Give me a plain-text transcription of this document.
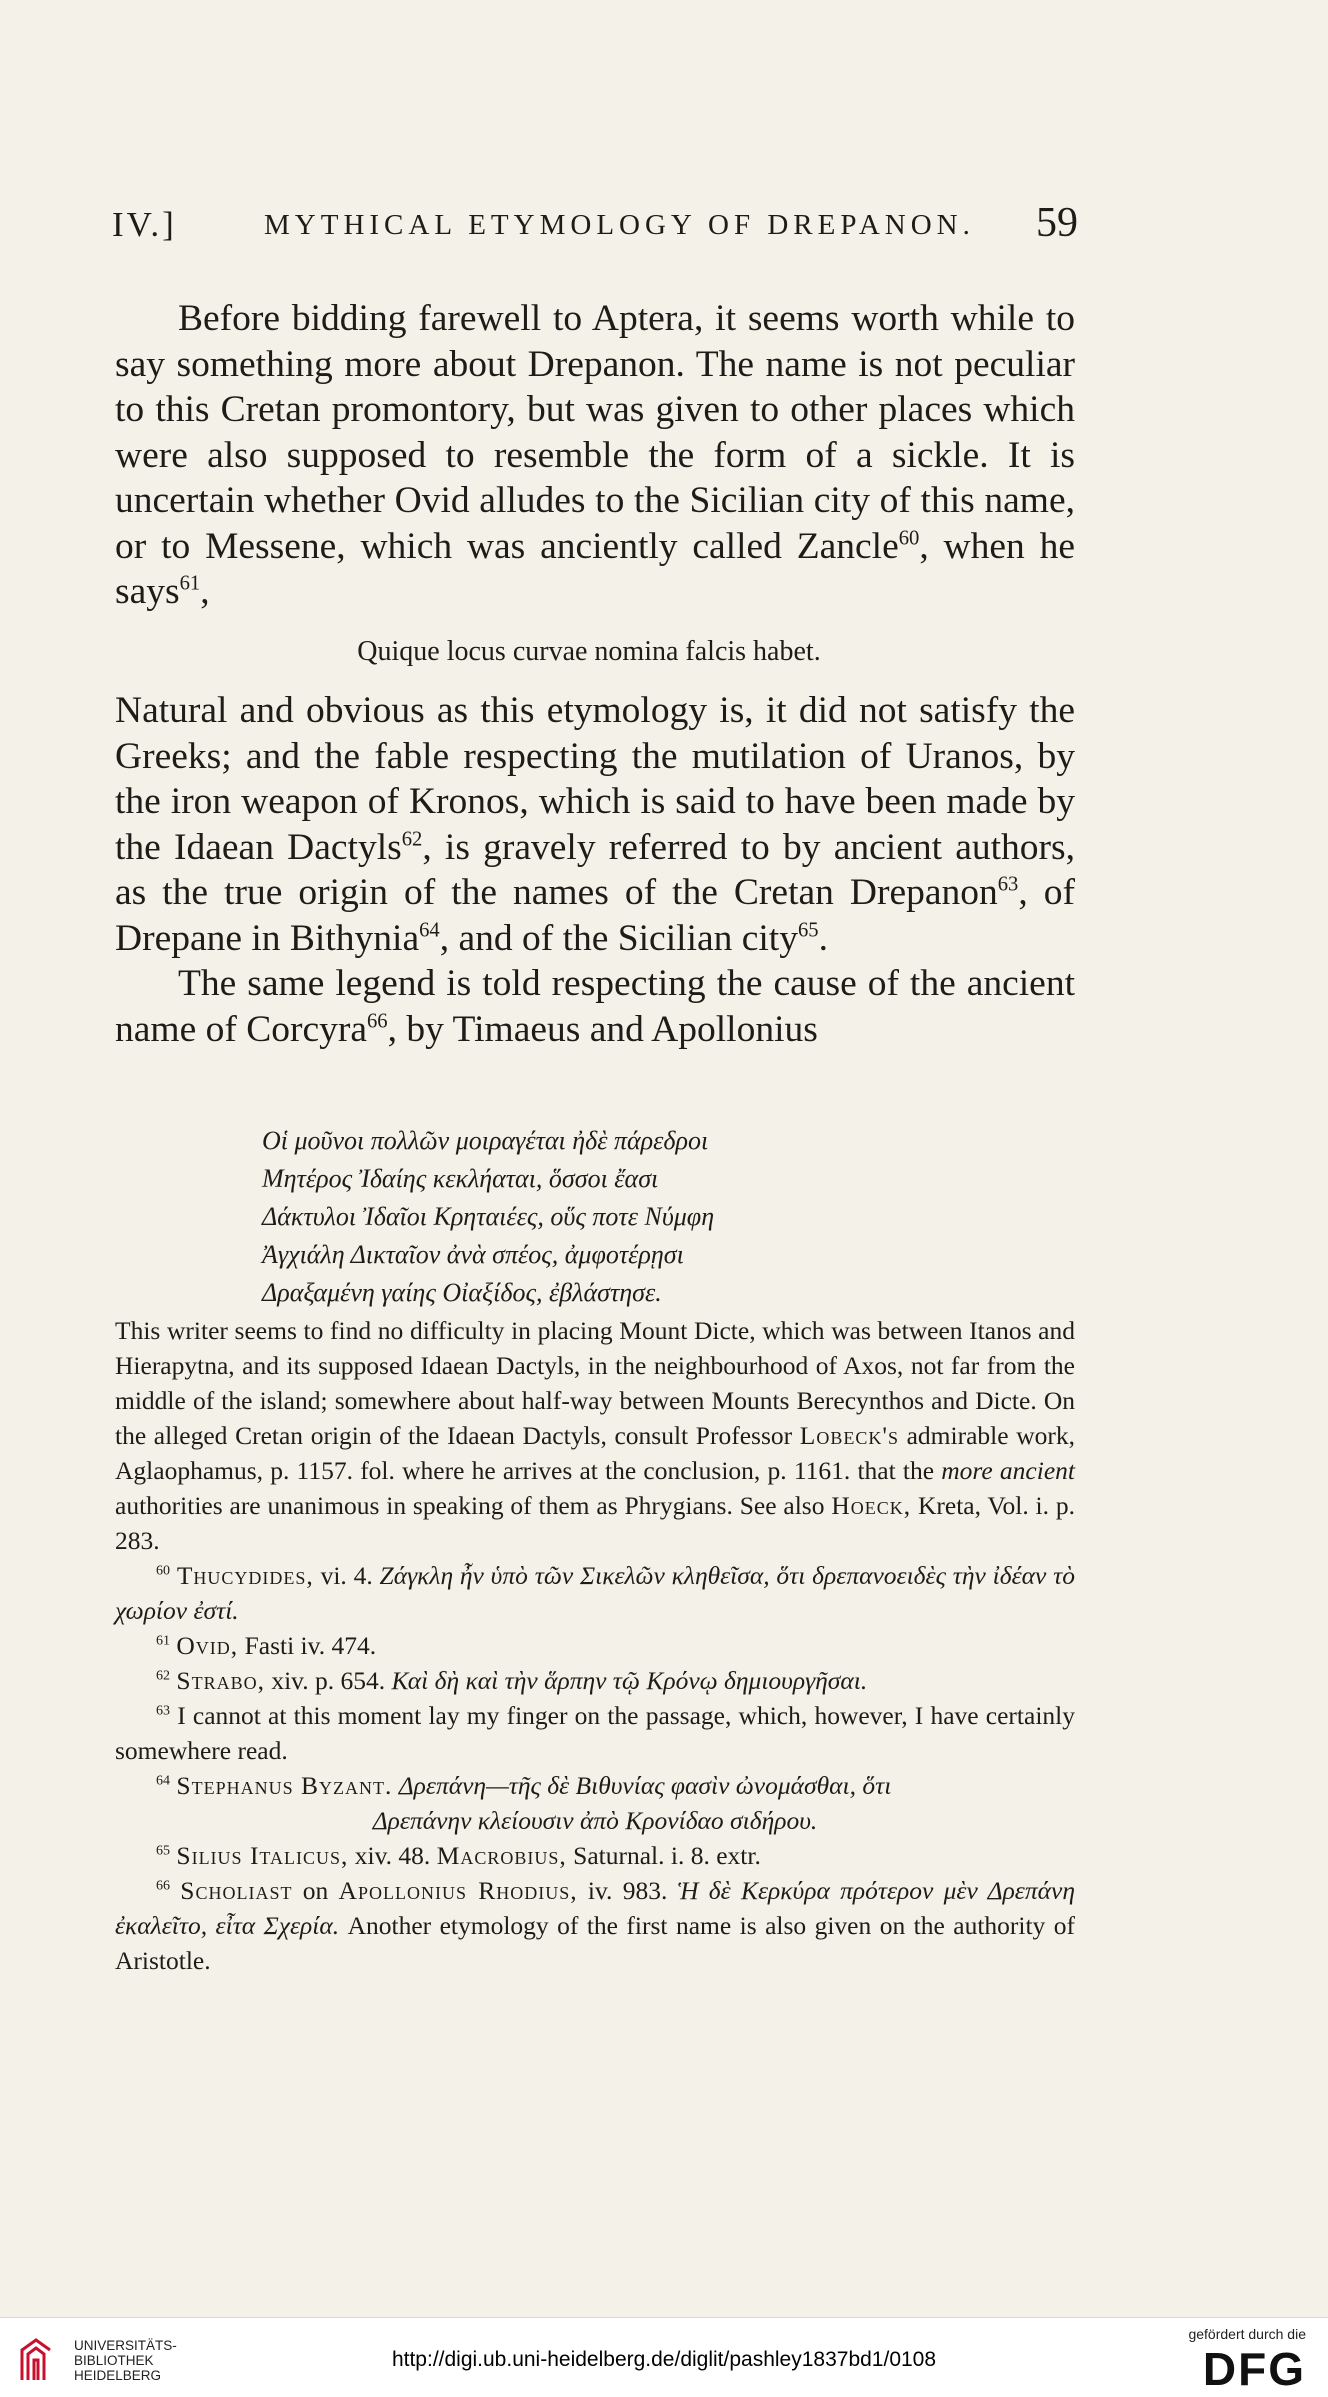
IV.]	MYTHICAL ETYMOLOGY OF DREPANON. 59

Before bidding farewell to Aptera, it seems worth while to say something more about Drepanon. The name is not peculiar to this Cretan promontory, but was given to other places which were also supposed to resemble the form of a sickle. It is uncertain whether Ovid alludes to the Sicilian city of this name, or to Messene, which was anciently called Zancle$^{60}$, when he says$^{61}$,

Quique locus curvae nomina falcis habet.

Natural and obvious as this etymology is, it did not satisfy the Greeks; and the fable respecting the mutilation of Uranos, by the iron weapon of Kronos, which is said to have been made by the Idaean Dactyls$^{62}$, is gravely referred to by ancient authors, as the true origin of the names of the Cretan Drepanon$^{63}$, of Drepane in Bithynia$^{64}$, and of the Sicilian city$^{65}$.

The same legend is told respecting the cause of the ancient name of Corcyra$^{66}$, by Timaeus and Apollonius

Οἱ μοῦνοι πολλῶν μοιραγέται ἠδὲ πάρεδροι
Μητέρος Ἰδαίης κεκλήαται, ὅσσοι ἔασι
Δάκτυλοι Ἰδαῖοι Κρηταιέες, οὕς ποτε Νύμφη
Ἀγχιάλη Δικταῖον ἀνὰ σπέος, ἀμφοτέρῃσι
Δραξαμένη γαίης Οἰαξίδος, ἐβλάστησε.

This writer seems to find no difficulty in placing Mount Dicte, which was between Itanos and Hierapytna, and its supposed Idaean Dactyls, in the neighbourhood of Axos, not far from the middle of the island; somewhere about half-way between Mounts Berecynthos and Dicte. On the alleged Cretan origin of the Idaean Dactyls, consult Professor Lobeck's admirable work, Aglaophamus, p. 1157. fol. where he arrives at the conclusion, p. 1161. that the more ancient authorities are unanimous in speaking of them as Phrygians. See also Hoeck, Kreta, Vol. i. p. 283.

$^{60}$ Thucydides, vi. 4. Ζάγκλη ἦν ὑπὸ τῶν Σικελῶν κληθεῖσα, ὅτι δρεπανοειδὲς τὴν ἰδέαν τὸ χωρίον ἐστί.

$^{61}$ Ovid, Fasti iv. 474.

$^{62}$ Strabo, xiv. p. 654. Καὶ δὴ καὶ τὴν ἅρπην τῷ Κρόνῳ δημιουργῆσαι.

$^{63}$ I cannot at this moment lay my finger on the passage, which, however, I have certainly somewhere read.

$^{64}$ Stephanus Byzant. Δρεπάνη—τῆς δὲ Βιθυνίας φασὶν ὠνομάσθαι, ὅτι

Δρεπάνην κλείουσιν ἀπὸ Κρονίδαο σιδήρου.

$^{65}$ Silius Italicus, xiv. 48. Macrobius, Saturnal. i. 8. extr.

$^{66}$ Scholiast on Apollonius Rhodius, iv. 983. Ἡ δὲ Κερκύρα πρότερον μὲν Δρεπάνη ἐκαλεῖτο, εἶτα Σχερία. Another etymology of the first name is also given on the authority of Aristotle.

UNIVERSITÄTS-
BIBLIOTHEK
HEIDELBERG
http://digi.ub.uni-heidelberg.de/diglit/pashley1837bd1/0108
gefördert durch die
DFG
